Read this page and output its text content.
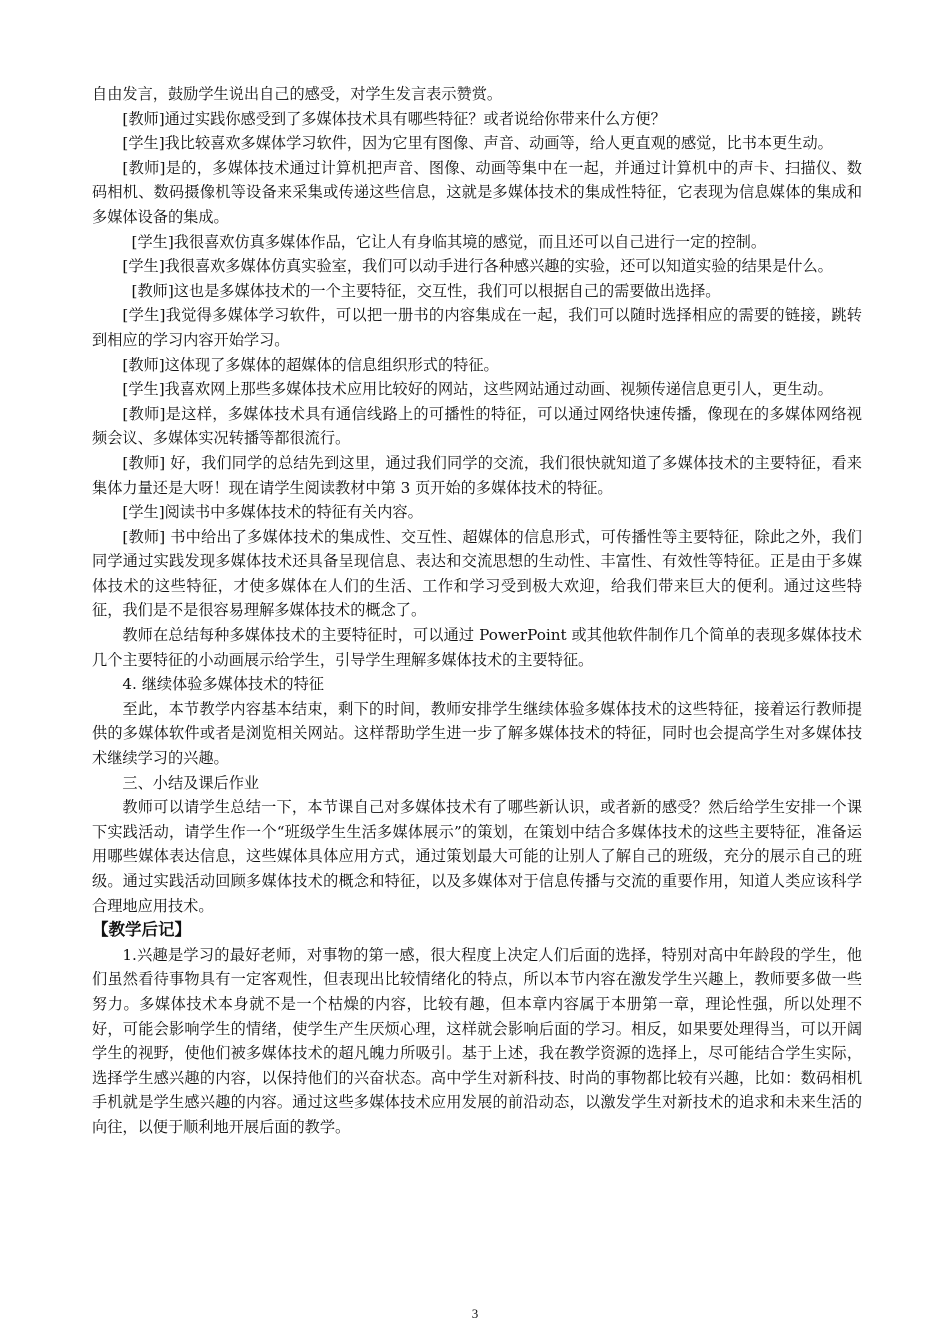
自由发言，鼓励学生说出自己的感受，对学生发言表示赞赏。

[教师]通过实践你感受到了多媒体技术具有哪些特征？或者说给你带来什么方便？

[学生]我比较喜欢多媒体学习软件，因为它里有图像、声音、动画等，给人更直观的感觉，比书本更生动。

[教师]是的，多媒体技术通过计算机把声音、图像、动画等集中在一起，并通过计算机中的声卡、扫描仪、数码相机、数码摄像机等设备来采集或传递这些信息，这就是多媒体技术的集成性特征，它表现为信息媒体的集成和多媒体设备的集成。

[学生]我很喜欢仿真多媒体作品，它让人有身临其境的感觉，而且还可以自己进行一定的控制。

[学生]我很喜欢多媒体仿真实验室，我们可以动手进行各种感兴趣的实验，还可以知道实验的结果是什么。

[教师]这也是多媒体技术的一个主要特征，交互性，我们可以根据自己的需要做出选择。

[学生]我觉得多媒体学习软件，可以把一册书的内容集成在一起，我们可以随时选择相应的需要的链接，跳转到相应的学习内容开始学习。

[教师]这体现了多媒体的超媒体的信息组织形式的特征。

[学生]我喜欢网上那些多媒体技术应用比较好的网站，这些网站通过动画、视频传递信息更引人，更生动。

[教师]是这样，多媒体技术具有通信线路上的可播性的特征，可以通过网络快速传播，像现在的多媒体网络视频会议、多媒体实况转播等都很流行。

[教师] 好，我们同学的总结先到这里，通过我们同学的交流，我们很快就知道了多媒体技术的主要特征，看来集体力量还是大呀！现在请学生阅读教材中第 3 页开始的多媒体技术的特征。

[学生]阅读书中多媒体技术的特征有关内容。

[教师] 书中给出了多媒体技术的集成性、交互性、超媒体的信息形式，可传播性等主要特征，除此之外，我们同学通过实践发现多媒体技术还具备呈现信息、表达和交流思想的生动性、丰富性、有效性等特征。正是由于多媒体技术的这些特征，才使多媒体在人们的生活、工作和学习受到极大欢迎，给我们带来巨大的便利。通过这些特征，我们是不是很容易理解多媒体技术的概念了。

教师在总结每种多媒体技术的主要特征时，可以通过 PowerPoint 或其他软件制作几个简单的表现多媒体技术几个主要特征的小动画展示给学生，引导学生理解多媒体技术的主要特征。

4. 继续体验多媒体技术的特征

至此，本节教学内容基本结束，剩下的时间，教师安排学生继续体验多媒体技术的这些特征，接着运行教师提供的多媒体软件或者是浏览相关网站。这样帮助学生进一步了解多媒体技术的特征，同时也会提高学生对多媒体技术继续学习的兴趣。

三、小结及课后作业

教师可以请学生总结一下，本节课自己对多媒体技术有了哪些新认识，或者新的感受？然后给学生安排一个课下实践活动，请学生作一个“班级学生生活多媒体展示”的策划，在策划中结合多媒体技术的这些主要特征，准备运用哪些媒体表达信息，这些媒体具体应用方式，通过策划最大可能的让别人了解自己的班级，充分的展示自己的班级。通过实践活动回顾多媒体技术的概念和特征，以及多媒体对于信息传播与交流的重要作用，知道人类应该科学合理地应用技术。

【教学后记】

1.兴趣是学习的最好老师，对事物的第一感，很大程度上决定人们后面的选择，特别对高中年龄段的学生，他们虽然看待事物具有一定客观性，但表现出比较情绪化的特点，所以本节内容在激发学生兴趣上，教师要多做一些努力。多媒体技术本身就不是一个枯燥的内容，比较有趣，但本章内容属于本册第一章，理论性强，所以处理不好，可能会影响学生的情绪，使学生产生厌烦心理，这样就会影响后面的学习。相反，如果要处理得当，可以开阔学生的视野，使他们被多媒体技术的超凡魄力所吸引。基于上述，我在教学资源的选择上，尽可能结合学生实际，选择学生感兴趣的内容，以保持他们的兴奋状态。高中学生对新科技、时尚的事物都比较有兴趣，比如：数码相机手机就是学生感兴趣的内容。通过这些多媒体技术应用发展的前沿动态，以激发学生对新技术的追求和未来生活的向往，以便于顺利地开展后面的教学。

3
